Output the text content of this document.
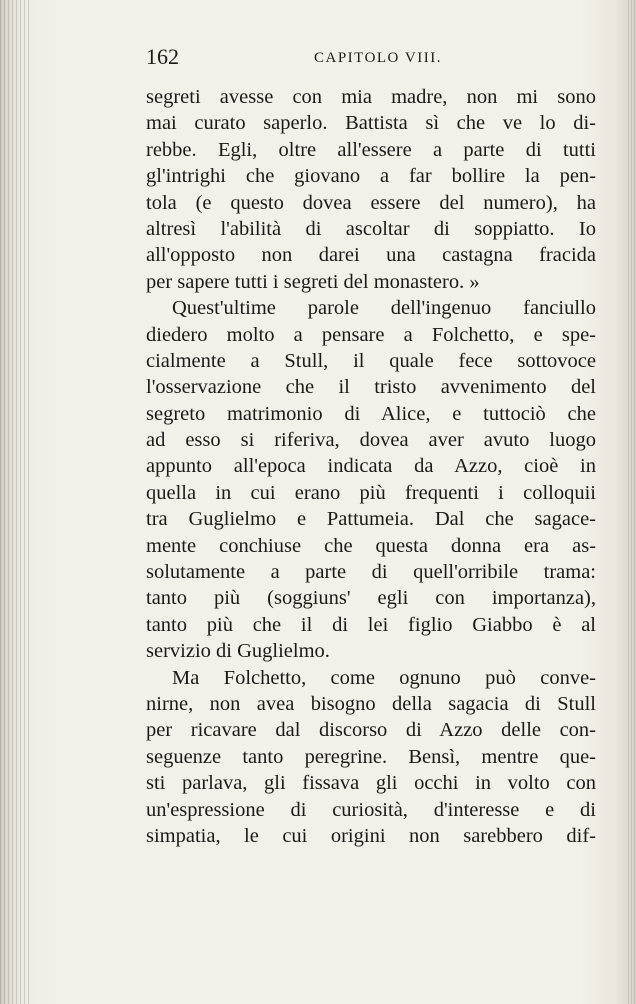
162	CAPITOLO VIII.
segreti avesse con mia madre, non mi sono
mai curato saperlo. Battista sì che ve lo di-
rebbe. Egli, oltre all'essere a parte di tutti
gl'intrighi che giovano a far bollire la pen-
tola (e questo dovea essere del numero), ha
altresì l'abilità di ascoltar di soppiatto. Io
all'opposto non darei una castagna fracida
per sapere tutti i segreti del monastero. »
Quest'ultime parole dell'ingenuo fanciullo
diedero molto a pensare a Folchetto, e spe-
cialmente a Stull, il quale fece sottovoce
l'osservazione che il tristo avvenimento del
segreto matrimonio di Alice, e tuttociò che
ad esso si riferiva, dovea aver avuto luogo
appunto all'epoca indicata da Azzo, cioè in
quella in cui erano più frequenti i colloquii
tra Guglielmo e Pattumeia. Dal che sagace-
mente conchiuse che questa donna era as-
solutamente a parte di quell'orribile trama:
tanto più (soggiuns' egli con importanza),
tanto più che il di lei figlio Giabbo è al
servizio di Guglielmo.
Ma Folchetto, come ognuno può conve-
nirne, non avea bisogno della sagacia di Stull
per ricavare dal discorso di Azzo delle con-
seguenze tanto peregrine. Bensì, mentre que-
sti parlava, gli fissava gli occhi in volto con
un'espressione di curiosità, d'interesse e di
simpatia, le cui origini non sarebbero dif-
